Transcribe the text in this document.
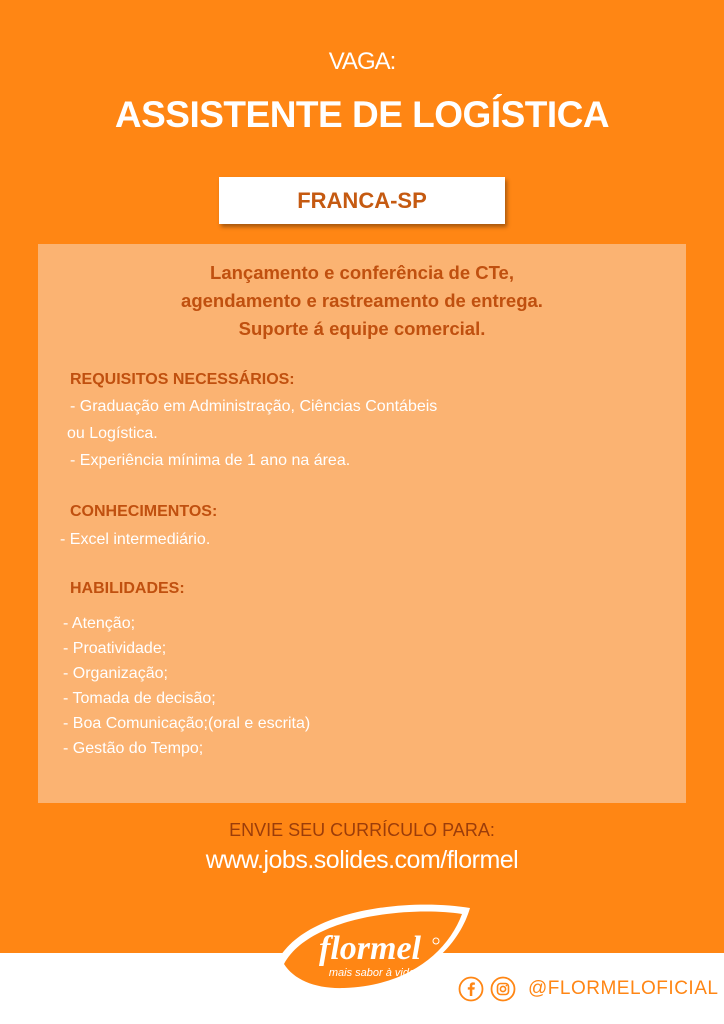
VAGA:
ASSISTENTE DE LOGÍSTICA
FRANCA-SP
Lançamento e conferência de CTe,
agendamento e rastreamento de entrega.
Suporte á equipe comercial.
REQUISITOS NECESSÁRIOS:
- Graduação em Administração, Ciências Contábeis
ou Logística.
- Experiência mínima de 1 ano na área.
CONHECIMENTOS:
- Excel intermediário.
HABILIDADES:
- Atenção;
- Proatividade;
- Organização;
- Tomada de decisão;
- Boa Comunicação;(oral e escrita)
- Gestão do Tempo;
ENVIE SEU CURRÍCULO PARA:
www.jobs.solides.com/flormel
flormel
mais sabor à vida
@FLORMELOFICIAL
